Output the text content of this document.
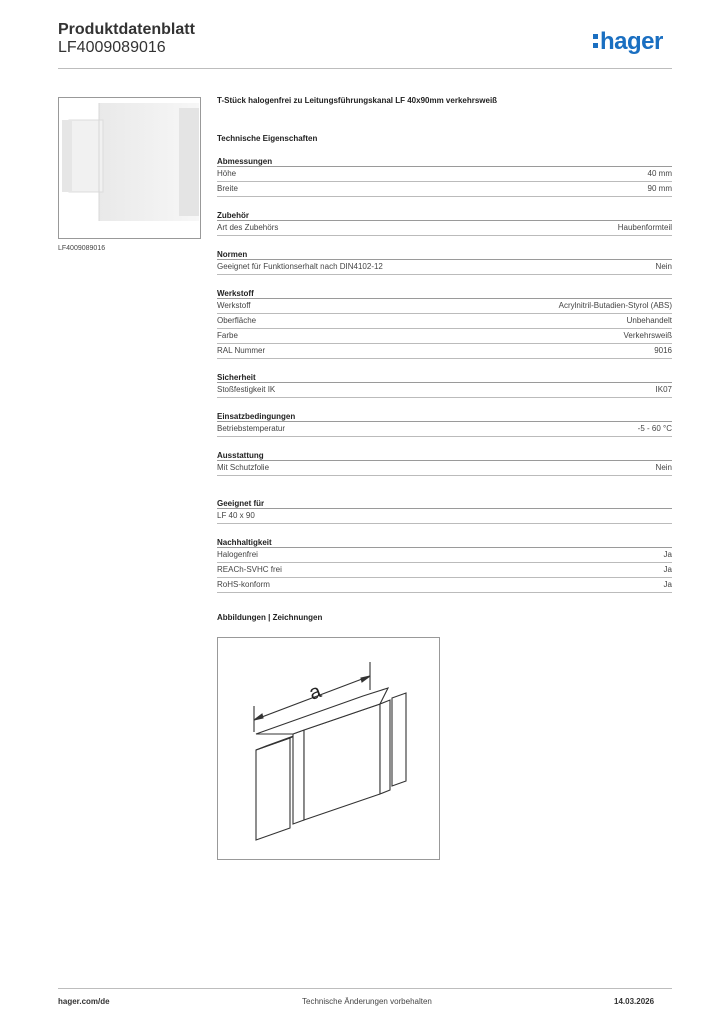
Produktdatenblatt
LF4009089016	hager
LF4009089016
T-Stück halogenfrei zu Leitungsführungskanal LF 40x90mm verkehrsweiß
Technische Eigenschaften
Abmessungen
Höhe	40 mm
Breite	90 mm
Zubehör
Art des Zubehörs	Haubenformteil
Normen
Geeignet für Funktionserhalt nach DIN4102-12	Nein
Werkstoff
Werkstoff	Acrylnitril-Butadien-Styrol (ABS)
Oberfläche	Unbehandelt
Farbe	Verkehrsweiß
RAL Nummer	9016
Sicherheit
Stoßfestigkeit IK	IK07
Einsatzbedingungen
Betriebstemperatur	-5 - 60 °C
Ausstattung
Mit Schutzfolie	Nein
Geeignet für
LF 40 x 90
Nachhaltigkeit
Halogenfrei	Ja
REACh-SVHC frei	Ja
RoHS-konform	Ja
Abbildungen | Zeichnungen
a
hager.com/de	Technische Änderungen vorbehalten	14.03.2026
